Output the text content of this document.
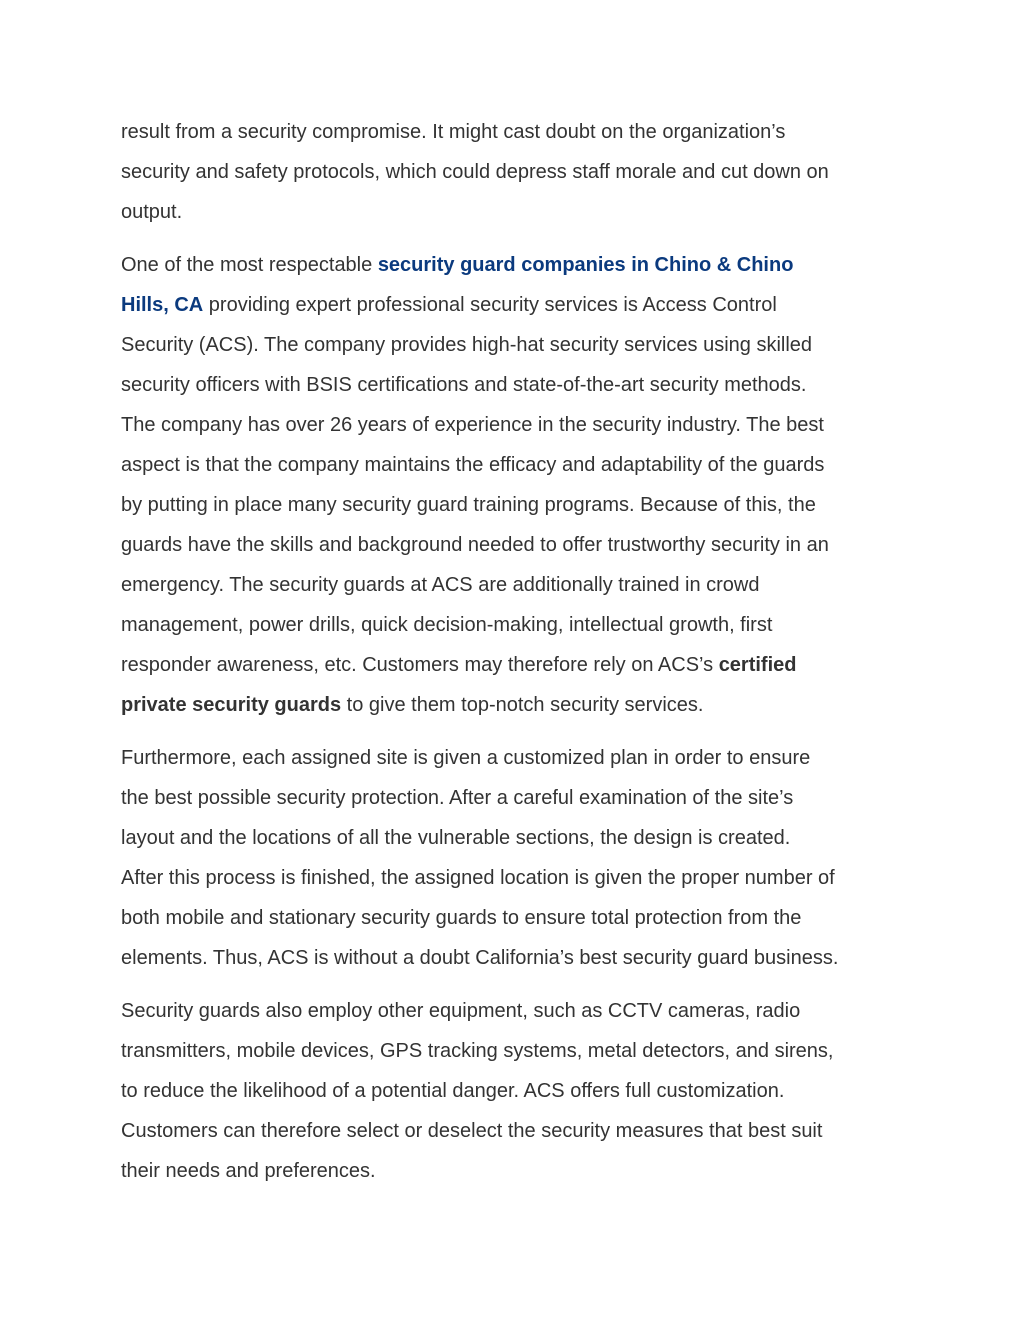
result from a security compromise. It might cast doubt on the organization’s
security and safety protocols, which could depress staff morale and cut down on
output.

One of the most respectable security guard companies in Chino & Chino
Hills, CA providing expert professional security services is Access Control
Security (ACS). The company provides high-hat security services using skilled
security officers with BSIS certifications and state-of-the-art security methods.
The company has over 26 years of experience in the security industry. The best
aspect is that the company maintains the efficacy and adaptability of the guards
by putting in place many security guard training programs. Because of this, the
guards have the skills and background needed to offer trustworthy security in an
emergency. The security guards at ACS are additionally trained in crowd
management, power drills, quick decision-making, intellectual growth, first
responder awareness, etc. Customers may therefore rely on ACS’s certified
private security guards to give them top-notch security services.

Furthermore, each assigned site is given a customized plan in order to ensure
the best possible security protection. After a careful examination of the site’s
layout and the locations of all the vulnerable sections, the design is created.
After this process is finished, the assigned location is given the proper number of
both mobile and stationary security guards to ensure total protection from the
elements. Thus, ACS is without a doubt California’s best security guard business.

Security guards also employ other equipment, such as CCTV cameras, radio
transmitters, mobile devices, GPS tracking systems, metal detectors, and sirens,
to reduce the likelihood of a potential danger. ACS offers full customization.
Customers can therefore select or deselect the security measures that best suit
their needs and preferences.
